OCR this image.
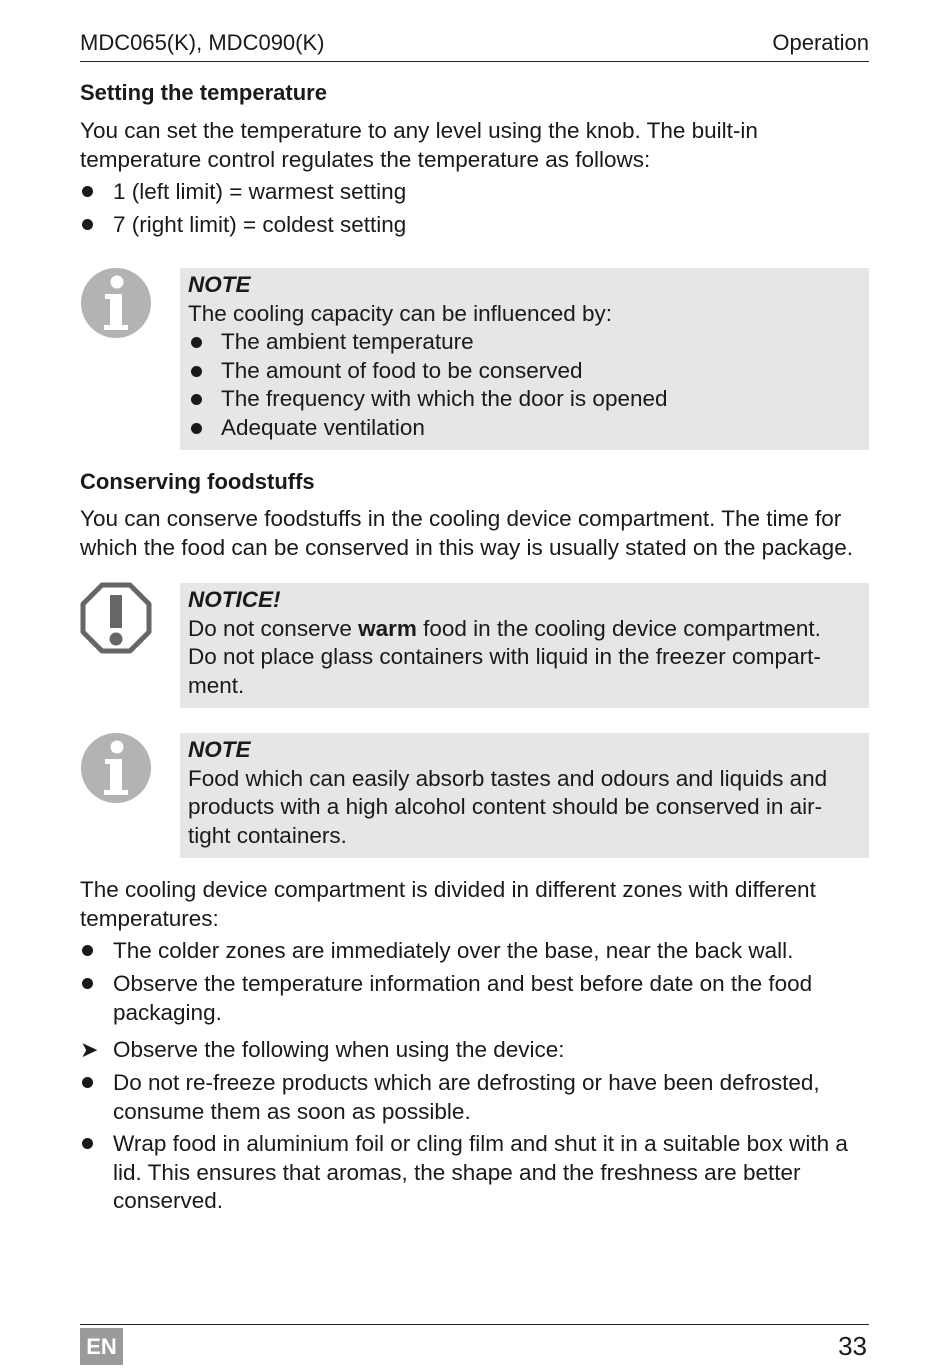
MDC065(K), MDC090(K)	Operation
Setting the temperature

You can set the temperature to any level using the knob. The built-in temperature control regulates the temperature as follows:

1 (left limit) = warmest setting
7 (right limit) = coldest setting
NOTE
The cooling capacity can be influenced by:
The ambient temperature
The amount of food to be conserved
The frequency with which the door is opened
Adequate ventilation
Conserving foodstuffs

You can conserve foodstuffs in the cooling device compartment. The time for which the food can be conserved in this way is usually stated on the package.

NOTICE!
Do not conserve warm food in the cooling device compartment.
Do not place glass containers with liquid in the freezer compart-
ment.
NOTE
Food which can easily absorb tastes and odours and liquids and
products with a high alcohol content should be conserved in air-
tight containers.

The cooling device compartment is divided in different zones with different temperatures:

The colder zones are immediately over the base, near the back wall.
Observe the temperature information and best before date on the food packaging.
➤ Observe the following when using the device:
Do not re-freeze products which are defrosting or have been defrosted, consume them as soon as possible.
Wrap food in aluminium foil or cling film and shut it in a suitable box with a lid. This ensures that aromas, the shape and the freshness are better conserved.
EN	33
